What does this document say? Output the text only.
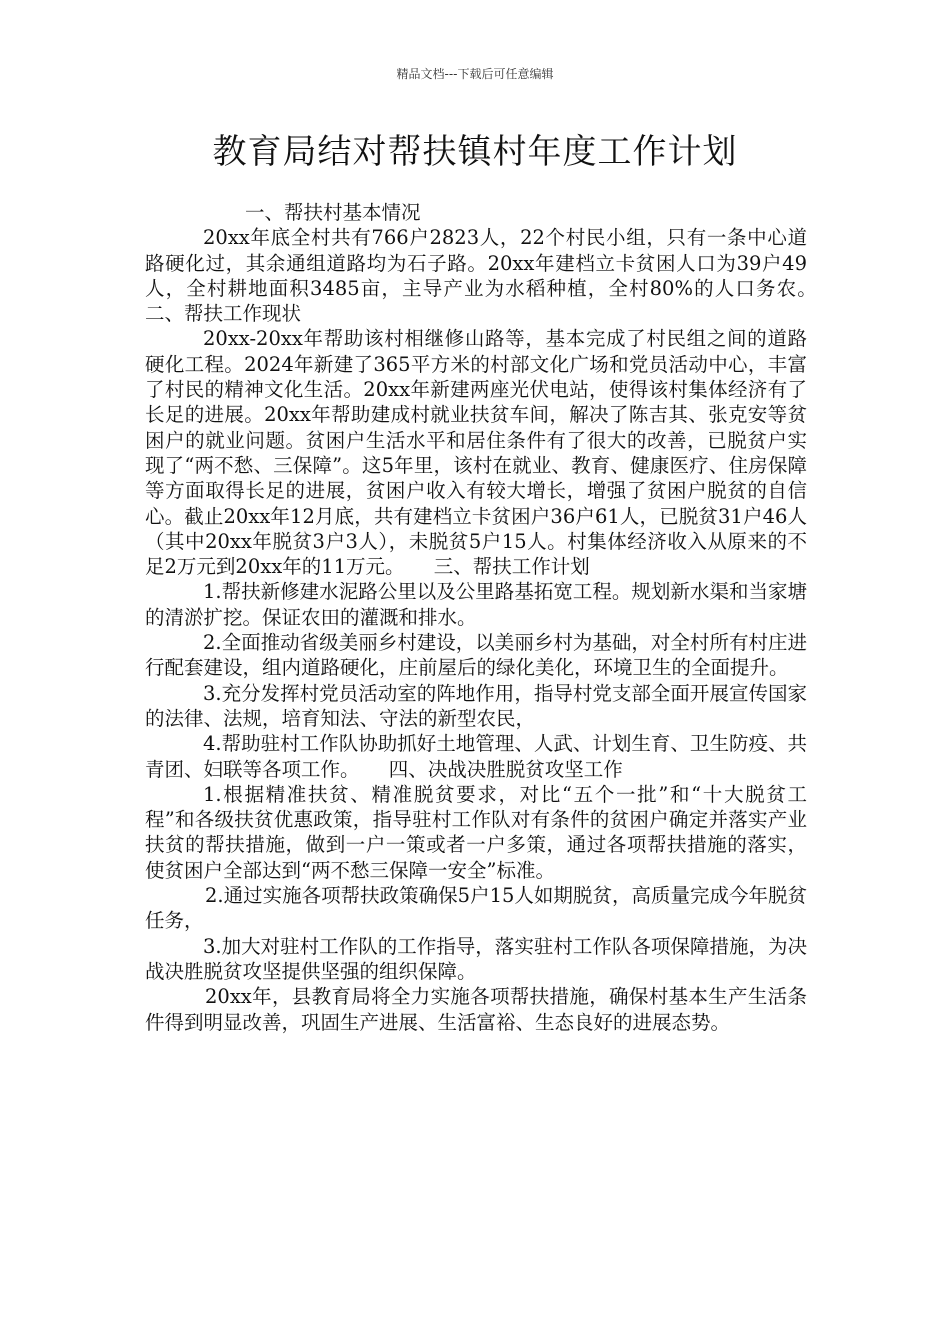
精品文档---下载后可任意编辑
教育局结对帮扶镇村年度工作计划

一、帮扶村基本情况

20xx年底全村共有766户2823人，22个村民小组，只有一条中心道路硬化过，其余通组道路均为石子路。20xx年建档立卡贫困人口为39户49人，全村耕地面积3485亩，主导产业为水稻种植，全村80%的人口务农。　　二、帮扶工作现状

20xx-20xx年帮助该村相继修山路等，基本完成了村民组之间的道路硬化工程。2024年新建了365平方米的村部文化广场和党员活动中心，丰富了村民的精神文化生活。20xx年新建两座光伏电站，使得该村集体经济有了长足的进展。20xx年帮助建成村就业扶贫车间，解决了陈吉其、张克安等贫困户的就业问题。贫困户生活水平和居住条件有了很大的改善，已脱贫户实现了“两不愁、三保障”。这5年里，该村在就业、教育、健康医疗、住房保障等方面取得长足的进展，贫困户收入有较大增长，增强了贫困户脱贫的自信心。截止20xx年12月底，共有建档立卡贫困户36户61人，已脱贫31户46人（其中20xx年脱贫3户3人），未脱贫5户15人。村集体经济收入从原来的不足2万元到20xx年的11万元。　　三、帮扶工作计划

1.帮扶新修建水泥路公里以及公里路基拓宽工程。规划新水渠和当家塘的清淤扩挖。保证农田的灌溉和排水。

2.全面推动省级美丽乡村建设，以美丽乡村为基础，对全村所有村庄进行配套建设，组内道路硬化，庄前屋后的绿化美化，环境卫生的全面提升。

3.充分发挥村党员活动室的阵地作用，指导村党支部全面开展宣传国家的法律、法规，培育知法、守法的新型农民，

4.帮助驻村工作队协助抓好土地管理、人武、计划生育、卫生防疫、共青团、妇联等各项工作。　　四、决战决胜脱贫攻坚工作

1.根据精准扶贫、精准脱贫要求，对比“五个一批”和“十大脱贫工程”和各级扶贫优惠政策，指导驻村工作队对有条件的贫困户确定并落实产业扶贫的帮扶措施，做到一户一策或者一户多策，通过各项帮扶措施的落实，使贫困户全部达到“两不愁三保障一安全”标准。

2.通过实施各项帮扶政策确保5户15人如期脱贫，高质量完成今年脱贫任务，

3.加大对驻村工作队的工作指导，落实驻村工作队各项保障措施，为决战决胜脱贫攻坚提供坚强的组织保障。

20xx年，县教育局将全力实施各项帮扶措施，确保村基本生产生活条件得到明显改善，巩固生产进展、生活富裕、生态良好的进展态势。
